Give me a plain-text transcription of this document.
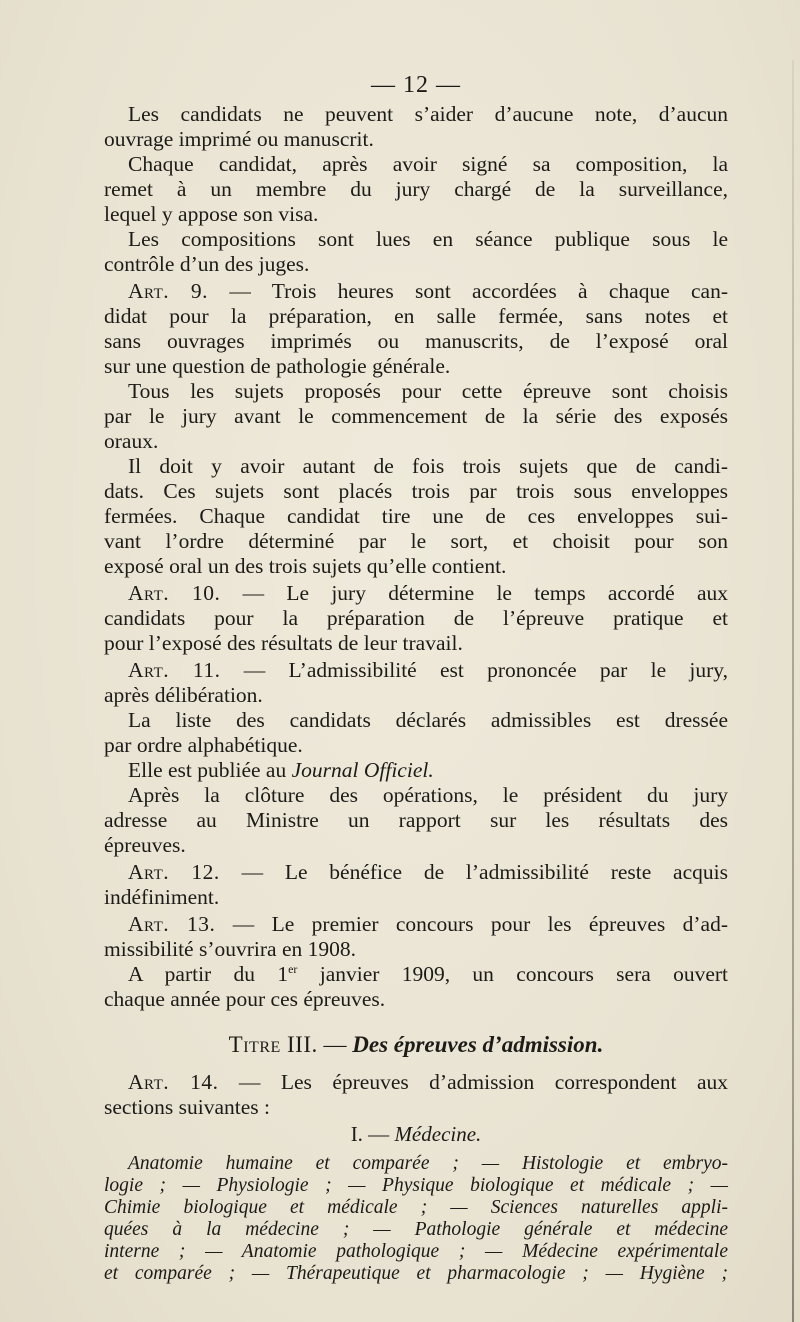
— 12 —

Les candidats ne peuvent s’aider d’aucune note, d’aucun
ouvrage imprimé ou manuscrit.

Chaque candidat, après avoir signé sa composition, la
remet à un membre du jury chargé de la surveillance,
lequel y appose son visa.

Les compositions sont lues en séance publique sous le
contrôle d’un des juges.

Art. 9. — Trois heures sont accordées à chaque can-
didat pour la préparation, en salle fermée, sans notes et
sans ouvrages imprimés ou manuscrits, de l’exposé oral
sur une question de pathologie générale.

Tous les sujets proposés pour cette épreuve sont choisis
par le jury avant le commencement de la série des exposés
oraux.

Il doit y avoir autant de fois trois sujets que de candi-
dats. Ces sujets sont placés trois par trois sous enveloppes
fermées. Chaque candidat tire une de ces enveloppes sui-
vant l’ordre déterminé par le sort, et choisit pour son
exposé oral un des trois sujets qu’elle contient.

Art. 10. — Le jury détermine le temps accordé aux
candidats pour la préparation de l’épreuve pratique et
pour l’exposé des résultats de leur travail.

Art. 11. — L’admissibilité est prononcée par le jury,
après délibération.

La liste des candidats déclarés admissibles est dressée
par ordre alphabétique.

Elle est publiée au Journal Officiel.

Après la clôture des opérations, le président du jury
adresse au Ministre un rapport sur les résultats des
épreuves.

Art. 12. — Le bénéfice de l’admissibilité reste acquis
indéfiniment.

Art. 13. — Le premier concours pour les épreuves d’ad-
missibilité s’ouvrira en 1908.

A partir du 1er janvier 1909, un concours sera ouvert
chaque année pour ces épreuves.

Titre III. — Des épreuves d’admission.

Art. 14. — Les épreuves d’admission correspondent aux
sections suivantes :

I. — Médecine.
Anatomie humaine et comparée ; — Histologie et embryo-
logie ; — Physiologie ; — Physique biologique et médicale ; —
Chimie biologique et médicale ; — Sciences naturelles appli-
quées à la médecine ; — Pathologie générale et médecine
interne ; — Anatomie pathologique ; — Médecine expérimentale
et comparée ; — Thérapeutique et pharmacologie ; — Hygiène ;
